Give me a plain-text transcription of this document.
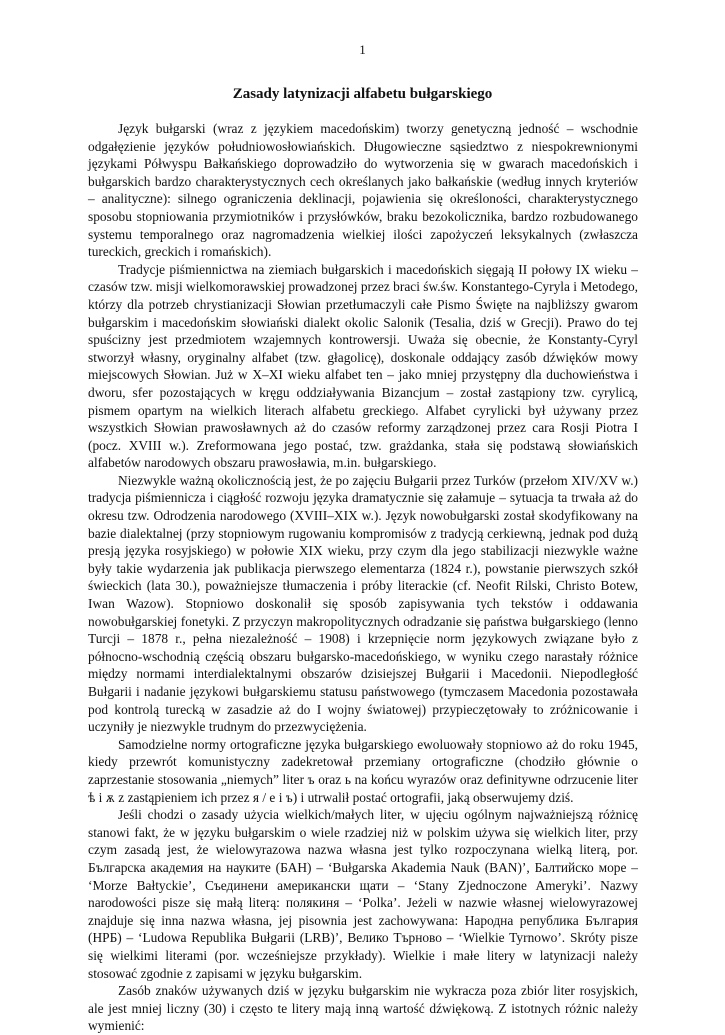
1
Zasady latynizacji alfabetu bułgarskiego

Język bułgarski (wraz z językiem macedońskim) tworzy genetyczną jedność – wschodnie odgałęzienie języków południowosłowiańskich. Długowieczne sąsiedztwo z niespokrewnionymi językami Półwyspu Bałkańskiego doprowadziło do wytworzenia się w gwarach macedońskich i bułgarskich bardzo charakterystycznych cech określanych jako bałkańskie (według innych kryteriów – analityczne): silnego ograniczenia deklinacji, pojawienia się określoności, charakterystycznego sposobu stopniowania przymiotników i przysłówków, braku bezokolicznika, bardzo rozbudowanego systemu temporalnego oraz nagromadzenia wielkiej ilości zapożyczeń leksykalnych (zwłaszcza tureckich, greckich i romańskich).

Tradycje piśmiennictwa na ziemiach bułgarskich i macedońskich sięgają II połowy IX wieku – czasów tzw. misji wielkomorawskiej prowadzonej przez braci św.św. Konstantego-Cyryla i Metodego, którzy dla potrzeb chrystianizacji Słowian przetłumaczyli całe Pismo Święte na najbliższy gwarom bułgarskim i macedońskim słowiański dialekt okolic Salonik (Tesalia, dziś w Grecji). Prawo do tej spuścizny jest przedmiotem wzajemnych kontrowersji. Uważa się obecnie, że Konstanty-Cyryl stworzył własny, oryginalny alfabet (tzw. głagolicę), doskonale oddający zasób dźwięków mowy miejscowych Słowian. Już w X–XI wieku alfabet ten – jako mniej przystępny dla duchowieństwa i dworu, sfer pozostających w kręgu oddziaływania Bizancjum – został zastąpiony tzw. cyrylicą, pismem opartym na wielkich literach alfabetu greckiego. Alfabet cyrylicki był używany przez wszystkich Słowian prawosławnych aż do czasów reformy zarządzonej przez cara Rosji Piotra I (pocz. XVIII w.). Zreformowana jego postać, tzw. grażdanka, stała się podstawą słowiańskich alfabetów narodowych obszaru prawosławia, m.in. bułgarskiego.

Niezwykle ważną okolicznością jest, że po zajęciu Bułgarii przez Turków (przełom XIV/XV w.) tradycja piśmiennicza i ciągłość rozwoju języka dramatycznie się załamuje – sytuacja ta trwała aż do okresu tzw. Odrodzenia narodowego (XVIII–XIX w.). Język nowobułgarski został skodyfikowany na bazie dialektalnej (przy stopniowym rugowaniu kompromisów z tradycją cerkiewną, jednak pod dużą presją języka rosyjskiego) w połowie XIX wieku, przy czym dla jego stabilizacji niezwykle ważne były takie wydarzenia jak publikacja pierwszego elementarza (1824 r.), powstanie pierwszych szkół świeckich (lata 30.), poważniejsze tłumaczenia i próby literackie (cf. Neofit Rilski, Christo Botew, Iwan Wazow). Stopniowo doskonalił się sposób zapisywania tych tekstów i oddawania nowobułgarskiej fonetyki. Z przyczyn makropolitycznych odradzanie się państwa bułgarskiego (lenno Turcji – 1878 r., pełna niezależność – 1908) i krzepnięcie norm językowych związane było z północno-wschodnią częścią obszaru bułgarsko-macedońskiego, w wyniku czego narastały różnice między normami interdialektalnymi obszarów dzisiejszej Bułgarii i Macedonii. Niepodległość Bułgarii i nadanie językowi bułgarskiemu statusu państwowego (tymczasem Macedonia pozostawała pod kontrolą turecką w zasadzie aż do I wojny światowej) przypieczętowały to zróżnicowanie i uczyniły je niezwykle trudnym do przezwyciężenia.

Samodzielne normy ortograficzne języka bułgarskiego ewoluowały stopniowo aż do roku 1945, kiedy przewrót komunistyczny zadekretował przemiany ortograficzne (chodziło głównie o zaprzestanie stosowania „niemych” liter ъ oraz ь na końcu wyrazów oraz definitywne odrzucenie liter ѣ i ѫ z zastąpieniem ich przez я / е i ъ) i utrwalił postać ortografii, jaką obserwujemy dziś.

Jeśli chodzi o zasady użycia wielkich/małych liter, w ujęciu ogólnym najważniejszą różnicę stanowi fakt, że w języku bułgarskim o wiele rzadziej niż w polskim używa się wielkich liter, przy czym zasadą jest, że wielowyrazowa nazwa własna jest tylko rozpoczynana wielką literą, por. Българска академия на науките (БАН) – ‘Bułgarska Akademia Nauk (BAN)’, Балтийско море – ‘Morze Bałtyckie’, Съединени американски щати – ‘Stany Zjednoczone Ameryki’. Nazwy narodowości pisze się małą literą: полякиня – ‘Polka’. Jeżeli w nazwie własnej wielowyrazowej znajduje się inna nazwa własna, jej pisownia jest zachowywana: Народна република България (НРБ) – ‘Ludowa Republika Bułgarii (LRB)’, Велико Търново – ‘Wielkie Tyrnowo’. Skróty pisze się wielkimi literami (por. wcześniejsze przykłady). Wielkie i małe litery w latynizacji należy stosować zgodnie z zapisami w języku bułgarskim.

Zasób znaków używanych dziś w języku bułgarskim nie wykracza poza zbiór liter rosyjskich, ale jest mniej liczny (30) i często te litery mają inną wartość dźwiękową. Z istotnych różnic należy wymienić:
